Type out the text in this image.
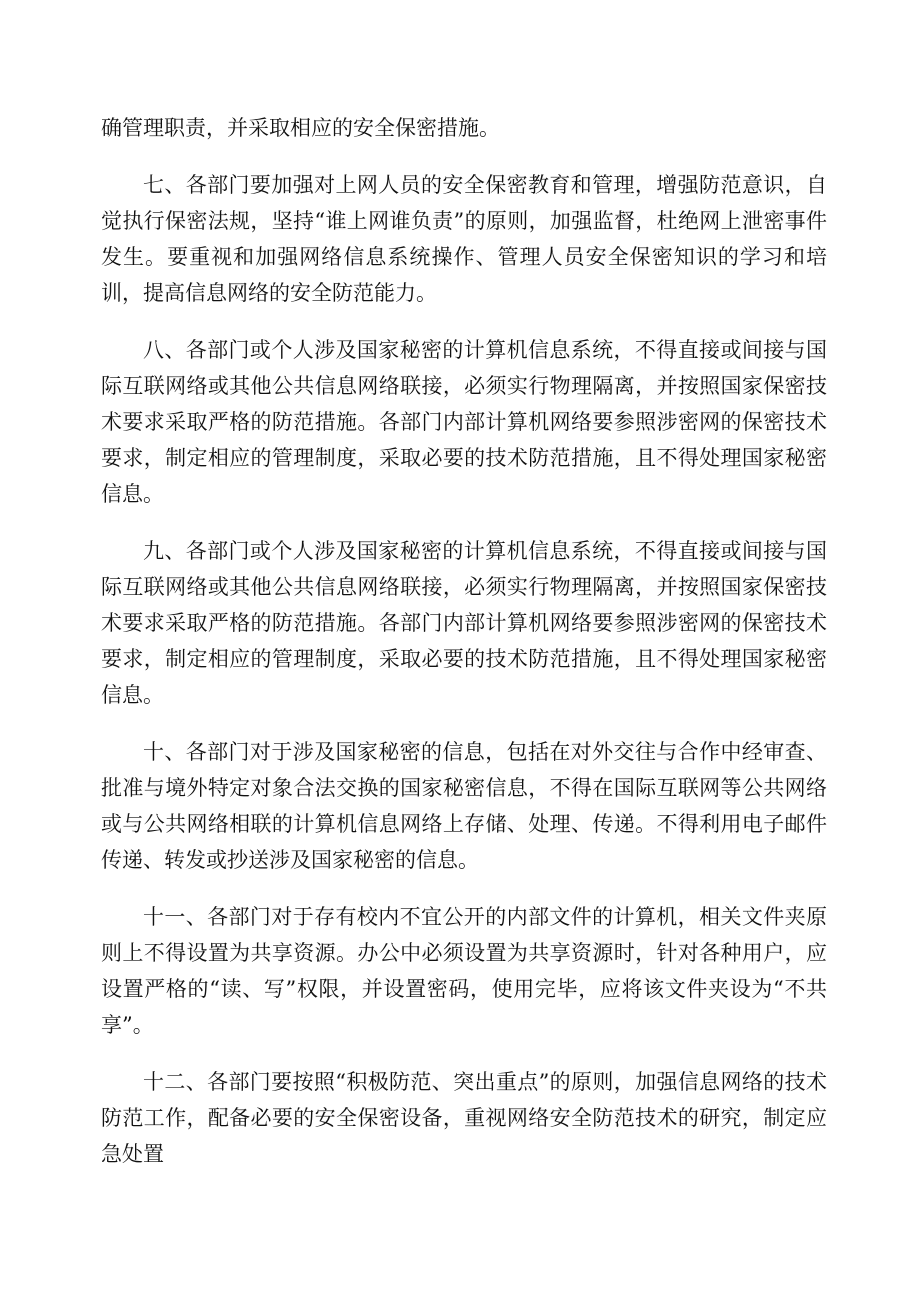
确管理职责，并采取相应的安全保密措施。

七、各部门要加强对上网人员的安全保密教育和管理，增强防范意识，自觉执行保密法规，坚持“谁上网谁负责”的原则，加强监督，杜绝网上泄密事件发生。要重视和加强网络信息系统操作、管理人员安全保密知识的学习和培训，提高信息网络的安全防范能力。

八、各部门或个人涉及国家秘密的计算机信息系统，不得直接或间接与国际互联网络或其他公共信息网络联接，必须实行物理隔离，并按照国家保密技术要求采取严格的防范措施。各部门内部计算机网络要参照涉密网的保密技术要求，制定相应的管理制度，采取必要的技术防范措施，且不得处理国家秘密信息。

九、各部门或个人涉及国家秘密的计算机信息系统，不得直接或间接与国际互联网络或其他公共信息网络联接，必须实行物理隔离，并按照国家保密技术要求采取严格的防范措施。各部门内部计算机网络要参照涉密网的保密技术要求，制定相应的管理制度，采取必要的技术防范措施，且不得处理国家秘密信息。

十、各部门对于涉及国家秘密的信息，包括在对外交往与合作中经审查、批准与境外特定对象合法交换的国家秘密信息，不得在国际互联网等公共网络或与公共网络相联的计算机信息网络上存储、处理、传递。不得利用电子邮件传递、转发或抄送涉及国家秘密的信息。

十一、各部门对于存有校内不宜公开的内部文件的计算机，相关文件夹原则上不得设置为共享资源。办公中必须设置为共享资源时，针对各种用户，应设置严格的“读、写”权限，并设置密码，使用完毕，应将该文件夹设为“不共享”。

十二、各部门要按照“积极防范、突出重点”的原则，加强信息网络的技术防范工作，配备必要的安全保密设备，重视网络安全防范技术的研究，制定应急处置
